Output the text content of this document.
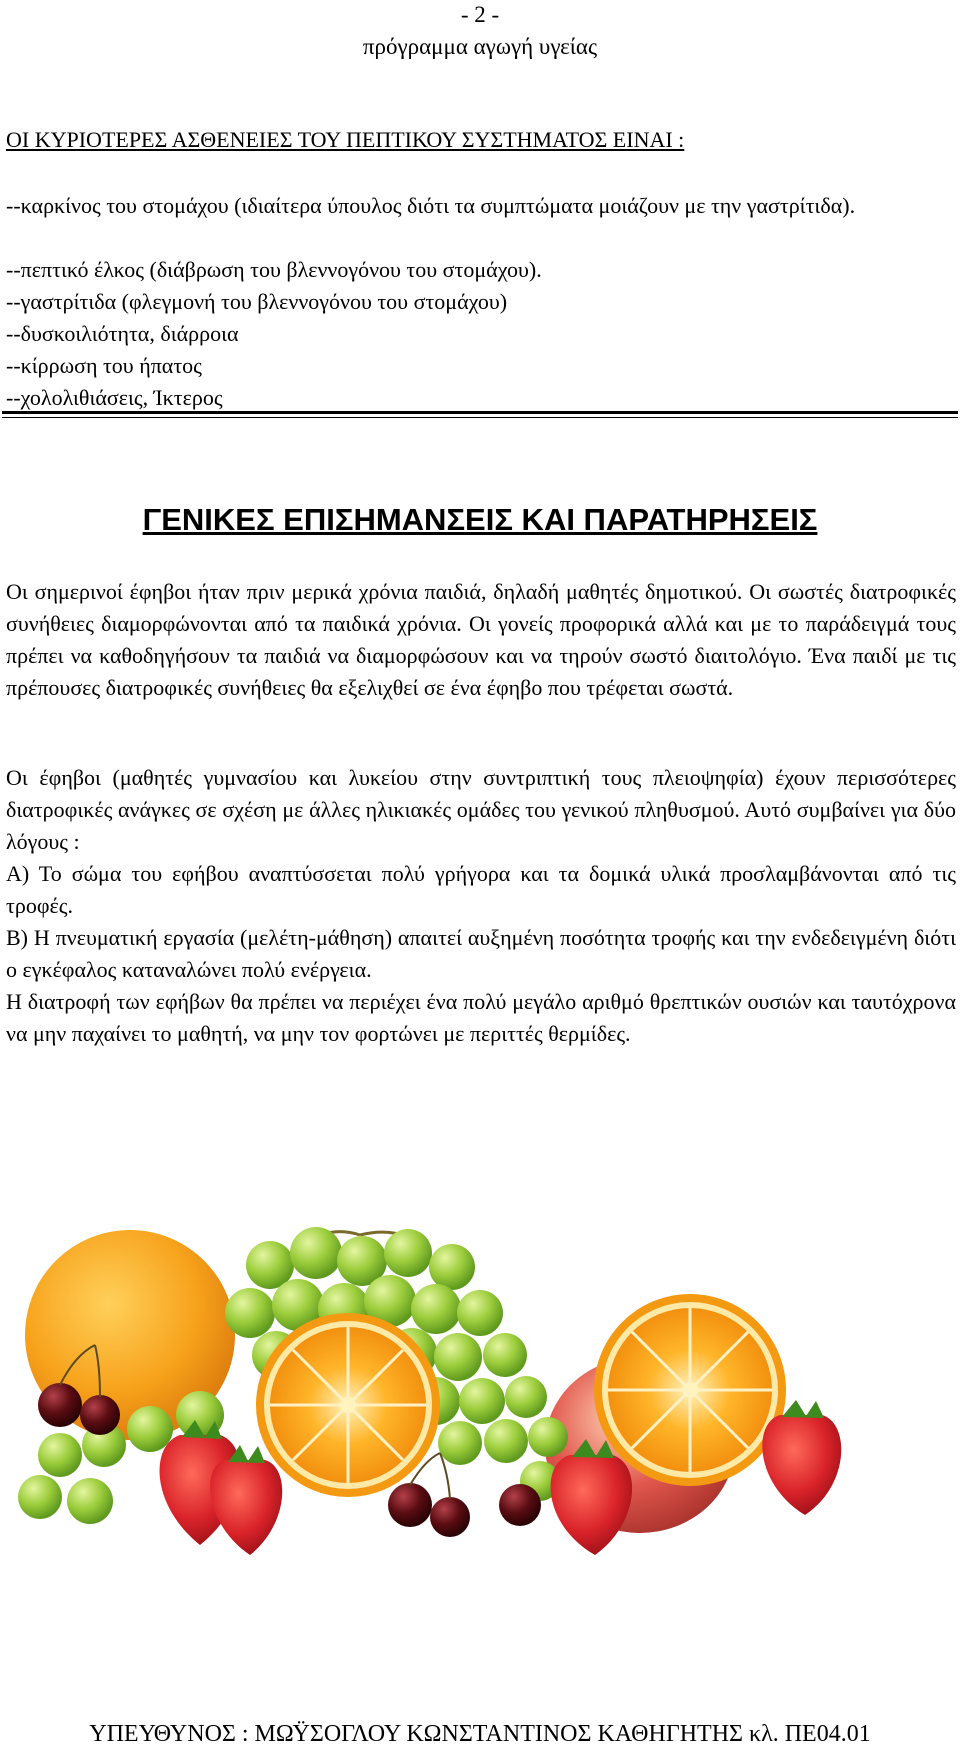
- 2 -
πρόγραμμα αγωγή υγείας
ΟΙ ΚΥΡΙΟΤΕΡΕΣ ΑΣΘΕΝΕΙΕΣ ΤΟΥ ΠΕΠΤΙΚΟΥ ΣΥΣΤΗΜΑΤΟΣ ΕΙΝΑΙ :
--καρκίνος του στομάχου (ιδιαίτερα ύπουλος διότι τα συμπτώματα μοιάζουν με την γαστρίτιδα).
--πεπτικό έλκος (διάβρωση του βλεννογόνου του στομάχου).
--γαστρίτιδα (φλεγμονή του βλεννογόνου του στομάχου)
--δυσκοιλιότητα, διάρροια
--κίρρωση του ήπατος
--χολολιθιάσεις, Ίκτερος
ΓΕΝΙΚΕΣ ΕΠΙΣΗΜΑΝΣΕΙΣ ΚΑΙ ΠΑΡΑΤΗΡΗΣΕΙΣ
Οι σημερινοί έφηβοι ήταν πριν μερικά χρόνια παιδιά, δηλαδή μαθητές δημοτικού. Οι σωστές διατροφικές συνήθειες διαμορφώνονται από τα παιδικά χρόνια. Οι γονείς προφορικά αλλά και με το παράδειγμά τους πρέπει να καθοδηγήσουν τα παιδιά να διαμορφώσουν και να τηρούν σωστό διαιτολόγιο. Ένα παιδί με τις πρέπουσες διατροφικές συνήθειες θα εξελιχθεί σε ένα έφηβο που τρέφεται σωστά.
Οι έφηβοι (μαθητές γυμνασίου και λυκείου στην συντριπτική τους πλειοψηφία) έχουν περισσότερες διατροφικές ανάγκες σε σχέση με άλλες ηλικιακές ομάδες του γενικού πληθυσμού. Αυτό συμβαίνει για δύο λόγους :
Α) Το σώμα του εφήβου αναπτύσσεται πολύ γρήγορα και τα δομικά υλικά προσλαμβάνονται από τις τροφές.
Β) Η πνευματική εργασία (μελέτη-μάθηση) απαιτεί αυξημένη ποσότητα τροφής και την ενδεδειγμένη διότι ο εγκέφαλος καταναλώνει πολύ ενέργεια.
Η διατροφή των εφήβων θα πρέπει να περιέχει ένα πολύ μεγάλο αριθμό θρεπτικών ουσιών και ταυτόχρονα να μην παχαίνει το μαθητή, να μην τον φορτώνει με περιττές θερμίδες.
ΥΠΕΥΘΥΝΟΣ : ΜΩΫΣΟΓΛΟΥ ΚΩΝΣΤΑΝΤΙΝΟΣ ΚΑΘΗΓΗΤΗΣ κλ. ΠΕ04.01
